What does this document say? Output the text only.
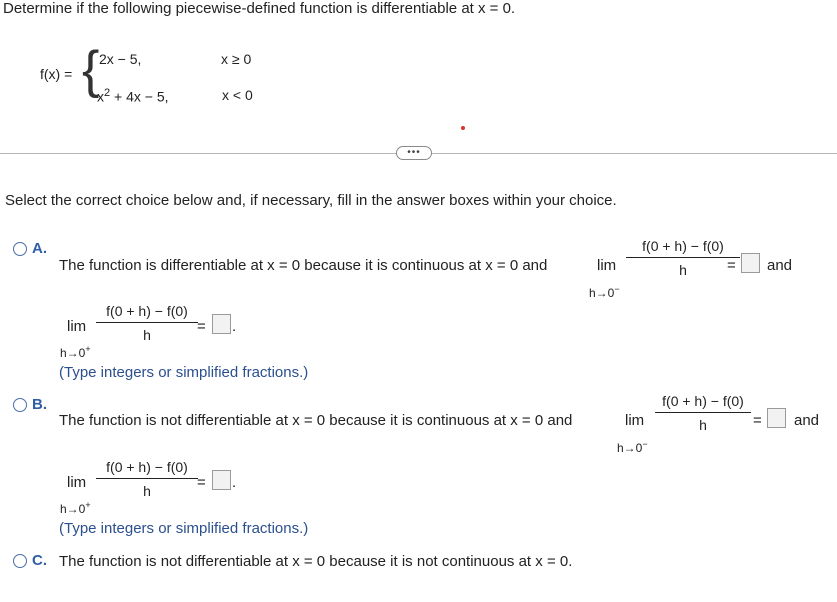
Determine if the following piecewise-defined function is differentiable at x = 0.
f(x) = { 2x − 5,	x ≥ 0
$x^2 + 4x - 5$,	x < 0
•••
Select the correct choice below and, if necessary, fill in the answer boxes within your choice.
A.
The function is differentiable at x = 0 because it is continuous at x = 0 and	lim
h→0−
$\frac{f(0 + h) - f(0)}{h}$
= and
lim
h→0+
$\frac{f(0 + h) - f(0)}{h}$ = .
(Type integers or simplified fractions.)
B.
The function is not differentiable at x = 0 because it is continuous at x = 0 and	lim
h→0−
$\frac{f(0 + h) - f(0)}{h}$ = and
lim
h→0+
$\frac{f(0 + h) - f(0)}{h}$ = .
(Type integers or simplified fractions.)
C. The function is not differentiable at x = 0 because it is not continuous at x = 0.
